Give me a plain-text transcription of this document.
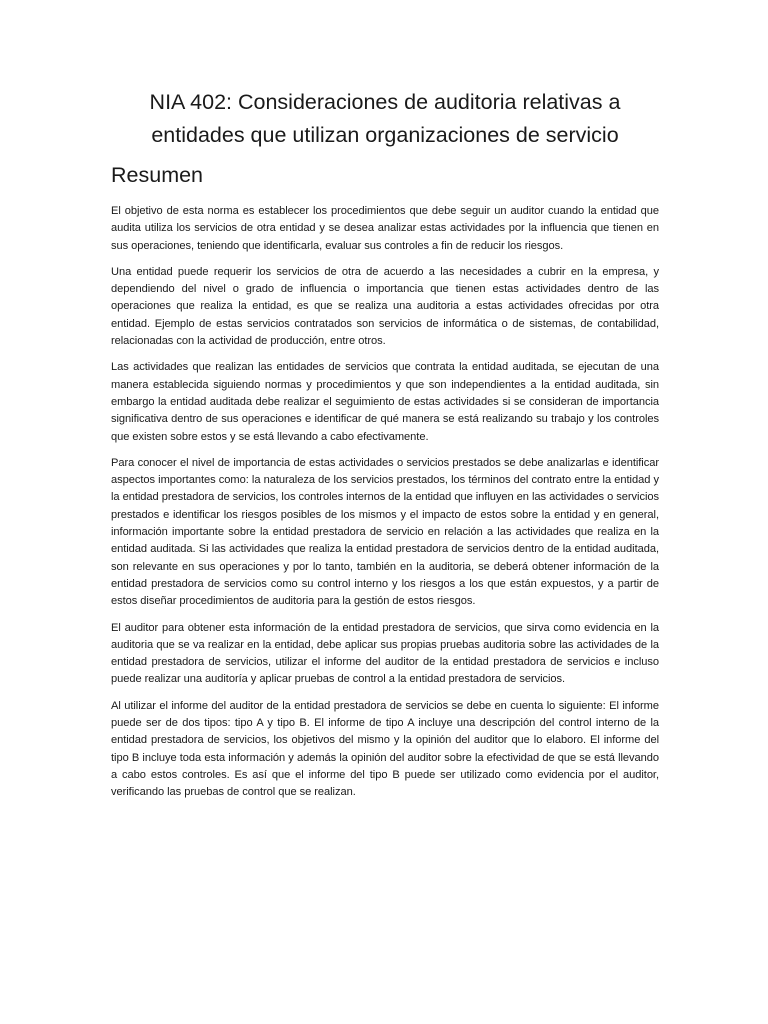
NIA 402: Consideraciones de auditoria relativas a
entidades que utilizan organizaciones de servicio
Resumen

El objetivo de esta norma es establecer los procedimientos que debe seguir un auditor cuando la entidad que audita utiliza los servicios de otra entidad y se desea analizar estas actividades por la influencia que tienen en sus operaciones, teniendo que identificarla, evaluar sus controles a fin de reducir los riesgos.

Una entidad puede requerir los servicios de otra de acuerdo a las necesidades a cubrir en la empresa, y dependiendo del nivel o grado de influencia o importancia que tienen estas actividades dentro de las operaciones que realiza la entidad, es que se realiza una auditoria a estas actividades ofrecidas por otra entidad. Ejemplo de estas servicios contratados son servicios de informática o de sistemas, de contabilidad, relacionadas con la actividad de producción, entre otros.

Las actividades que realizan las entidades de servicios que contrata la entidad auditada, se ejecutan de una manera establecida siguiendo normas y procedimientos y que son independientes a la entidad auditada, sin embargo la entidad auditada debe realizar el seguimiento de estas actividades si se consideran de importancia significativa dentro de sus operaciones e identificar de qué manera se está realizando su trabajo y los controles que existen sobre estos y se está llevando a cabo efectivamente.

Para conocer el nivel de importancia de estas actividades o servicios prestados se debe analizarlas e identificar aspectos importantes como: la naturaleza de los servicios prestados, los términos del contrato entre la entidad y la entidad prestadora de servicios, los controles internos de la entidad que influyen en las actividades o servicios prestados e identificar los riesgos posibles de los mismos y el impacto de estos sobre la entidad y en general, información importante sobre la entidad prestadora de servicio en relación a las actividades que realiza en la entidad auditada. Si las actividades que realiza la entidad prestadora de servicios dentro de la entidad auditada, son relevante en sus operaciones y por lo tanto, también en la auditoria, se deberá obtener información de la entidad prestadora de servicios como su control interno y los riesgos a los que están expuestos, y a partir de estos diseñar procedimientos de auditoria para la gestión de estos riesgos.

El auditor para obtener esta información de la entidad prestadora de servicios, que sirva como evidencia en la auditoria que se va realizar en la entidad, debe aplicar sus propias pruebas auditoria sobre las actividades de la entidad prestadora de servicios, utilizar el informe del auditor de la entidad prestadora de servicios e incluso puede realizar una auditoría y aplicar pruebas de control a la entidad prestadora de servicios.

Al utilizar el informe del auditor de la entidad prestadora de servicios se debe en cuenta lo siguiente: El informe puede ser de dos tipos: tipo A y tipo B. El informe de tipo A incluye una descripción del control interno de la entidad prestadora de servicios, los objetivos del mismo y la opinión del auditor que lo elaboro. El informe del tipo B incluye toda esta información y además la opinión del auditor sobre la efectividad de que se está llevando a cabo estos controles. Es así que el informe del tipo B puede ser utilizado como evidencia por el auditor, verificando las pruebas de control que se realizan.
